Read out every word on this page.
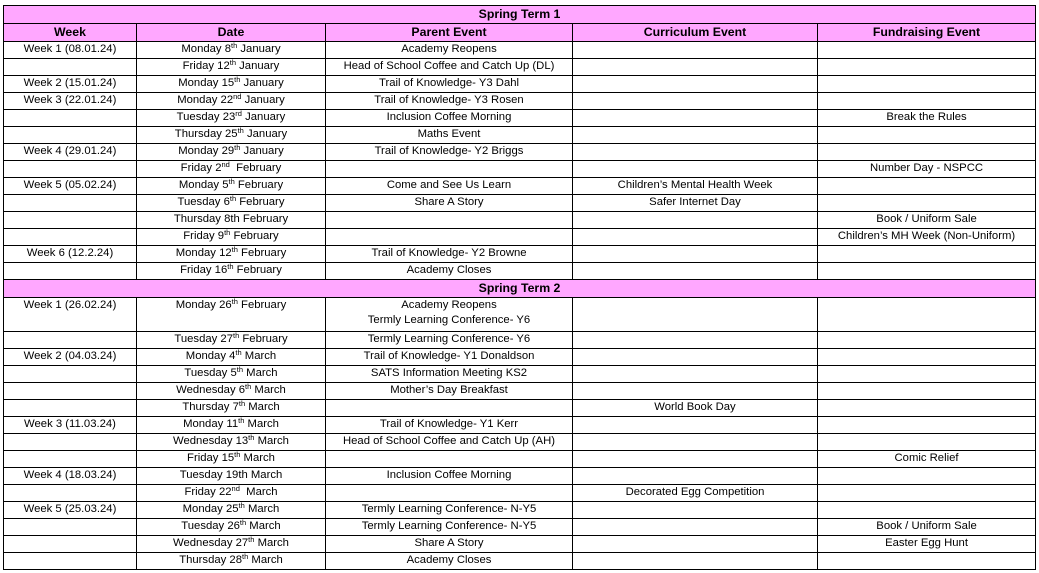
Spring Term 1				
Week	Date	Parent Event	Curriculum Event	Fundraising Event
Week 1 (08.01.24)	Monday 8th January	Academy Reopens		

	Friday 12th January	Head of School Coffee and Catch Up (DL)		

Week 2 (15.01.24)	Monday 15th January	Trail of Knowledge- Y3 Dahl		

Week 3 (22.01.24)	Monday 22nd January	Trail of Knowledge- Y3 Rosen		

	Tuesday 23rd January	Inclusion Coffee Morning		Break the Rules
	Thursday 25th January	Maths Event		

Week 4 (29.01.24)	Monday 29th January	Trail of Knowledge- Y2 Briggs		

	Friday 2nd  February			Number Day - NSPCC
Week 5 (05.02.24)	Monday 5th February	Come and See Us Learn	Children’s Mental Health Week	
	Tuesday 6th February	Share A Story	Safer Internet Day	
	Thursday 8th February			Book / Uniform Sale
	Friday 9th February			Children’s MH Week (Non-Uniform)
Week 6 (12.2.24)	Monday 12th February	Trail of Knowledge- Y2 Browne		

	Friday 16th February	Academy Closes		

Spring Term 2				
Week 1 (26.02.24)	Monday 26th February	Academy Reopens
Termly Learning Conference- Y6		

	Tuesday 27th February	Termly Learning Conference- Y6		

Week 2 (04.03.24)	Monday 4th March	Trail of Knowledge- Y1 Donaldson		

	Tuesday 5th March	SATS Information Meeting KS2		

	Wednesday 6th March	Mother’s Day Breakfast		

	Thursday 7th March		World Book Day	
Week 3 (11.03.24)	Monday 11th March	Trail of Knowledge- Y1 Kerr		

	Wednesday 13th March	Head of School Coffee and Catch Up (AH)		

	Friday 15th March			Comic Relief
Week 4 (18.03.24)	Tuesday 19th March	Inclusion Coffee Morning		

	Friday 22nd  March		Decorated Egg Competition	
Week 5 (25.03.24)	Monday 25th March	Termly Learning Conference- N-Y5		

	Tuesday 26th March	Termly Learning Conference- N-Y5		Book / Uniform Sale
	Wednesday 27th March	Share A Story		Easter Egg Hunt
	Thursday 28th March	Academy Closes		
